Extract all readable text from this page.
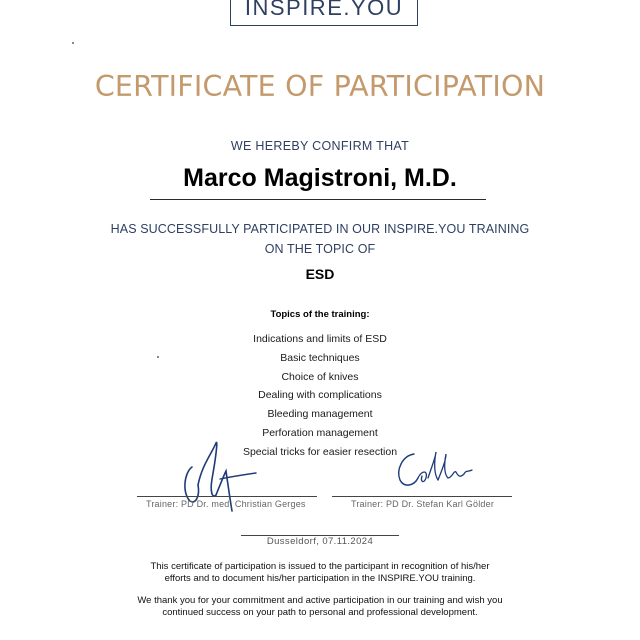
INSPIRE.YOU
CERTIFICATE OF PARTICIPATION
WE HEREBY CONFIRM THAT
Marco Magistroni, M.D.
HAS SUCCESSFULLY PARTICIPATED IN OUR INSPIRE.YOU TRAINING
ON THE TOPIC OF
ESD
Topics of the training:
Indications and limits of ESD
Basic techniques
Choice of knives
Dealing with complications
Bleeding management
Perforation management
Special tricks for easier resection
Trainer: PD Dr. med. Christian Gerges	Trainer: PD Dr. Stefan Karl Gölder
Dusseldorf, 07.11.2024
This certificate of participation is issued to the participant in recognition of his/her
efforts and to document his/her participation in the INSPIRE.YOU training.
We thank you for your commitment and active participation in our training and wish you
continued success on your path to personal and professional development.
